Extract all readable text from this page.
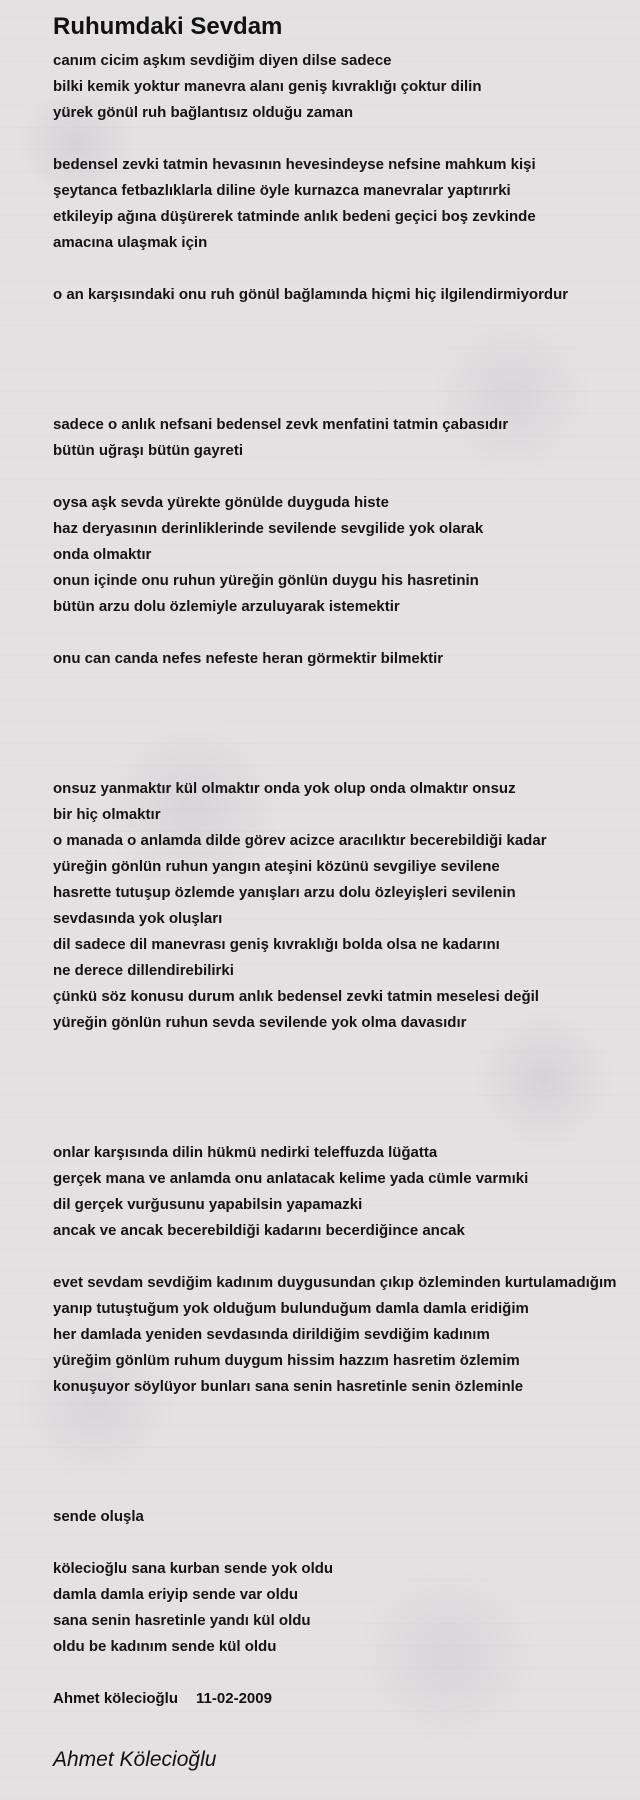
Ruhumdaki Sevdam
canım cicim aşkım sevdiğim diyen dilse sadece
bilki kemik yoktur manevra alanı geniş kıvraklığı çoktur dilin
yürek gönül ruh bağlantısız olduğu zaman
bedensel zevki tatmin hevasının hevesindeyse nefsine mahkum kişi
şeytanca fetbazlıklarla diline öyle kurnazca manevralar yaptırırki
etkileyip ağına düşürerek tatminde anlık bedeni geçici boş zevkinde
amacına ulaşmak için
o an karşısındaki onu ruh gönül bağlamında hiçmi hiç ilgilendirmiyordur
sadece o anlık nefsani bedensel zevk menfatini tatmin çabasıdır
bütün uğraşı bütün gayreti
oysa aşk sevda yürekte gönülde duyguda histe
haz deryasının derinliklerinde sevilende sevgilide yok olarak
onda olmaktır
onun içinde onu ruhun yüreğin gönlün duygu his hasretinin
bütün arzu dolu özlemiyle arzuluyarak istemektir
onu can canda nefes nefeste heran görmektir bilmektir
onsuz yanmaktır kül olmaktır onda yok olup onda olmaktır onsuz
bir hiç olmaktır
o manada o anlamda dilde görev acizce aracılıktır becerebildiği kadar
yüreğin gönlün ruhun yangın ateşini közünü sevgiliye sevilene
hasrette tutuşup özlemde yanışları arzu dolu özleyişleri sevilenin
sevdasında yok oluşları
dil sadece dil manevrası geniş kıvraklığı bolda olsa ne kadarını
ne derece dillendirebilirki
çünkü söz konusu durum anlık bedensel zevki tatmin meselesi değil
yüreğin gönlün ruhun sevda sevilende yok olma davasıdır
onlar karşısında dilin hükmü nedirki teleffuzda lüğatta
gerçek mana ve anlamda onu anlatacak kelime yada cümle varmıki
dil gerçek vurğusunu yapabilsin yapamazki
ancak ve ancak becerebildiği kadarını becerdiğince ancak
evet sevdam sevdiğim kadınım duygusundan çıkıp özleminden kurtulamadığım
yanıp tutuştuğum yok olduğum bulunduğum damla damla eridiğim
her damlada yeniden sevdasında dirildiğim sevdiğim kadınım
yüreğim gönlüm ruhum duygum hissim hazzım hasretim özlemim
konuşuyor söylüyor bunları sana senin hasretinle senin özleminle
sende oluşla
kölecioğlu sana kurban sende yok oldu
damla damla eriyip sende var oldu
sana senin hasretinle yandı kül oldu
oldu be kadınım sende kül oldu
Ahmet kölecioğlu 11-02-2009
Ahmet Kölecioğlu
